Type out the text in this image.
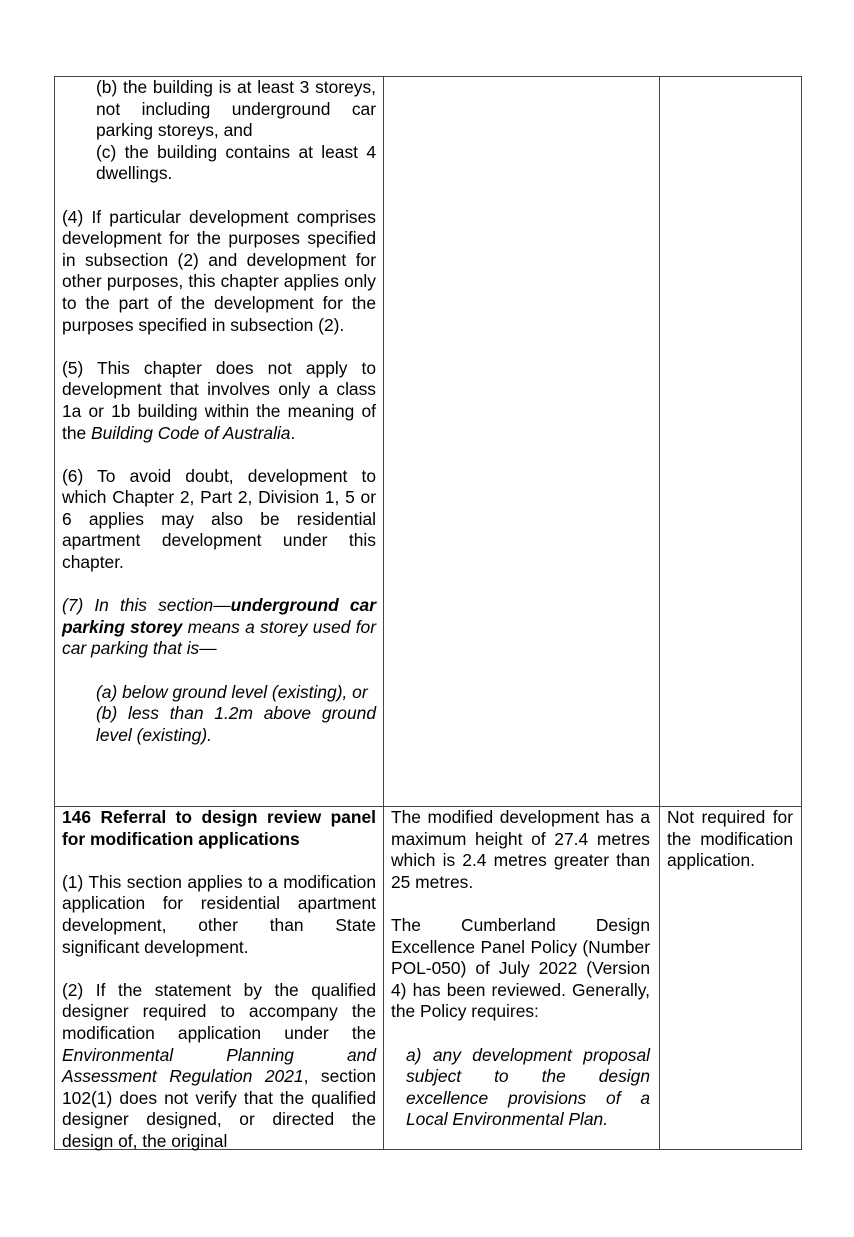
(b) the building is at least 3 storeys, not including underground car parking storeys, and

(c) the building contains at least 4 dwellings.

(4) If particular development comprises development for the purposes specified in subsection (2) and development for other purposes, this chapter applies only to the part of the development for the purposes specified in subsection (2).

(5) This chapter does not apply to development that involves only a class 1a or 1b building within the meaning of the Building Code of Australia.

(6) To avoid doubt, development to which Chapter 2, Part 2, Division 1, 5 or 6 applies may also be residential apartment development under this chapter.

(7) In this section—underground car parking storey means a storey used for car parking that is—

(a) below ground level (existing), or

(b) less than 1.2m above ground level (existing).

146 Referral to design review panel for modification applications

(1) This section applies to a modification application for residential apartment development, other than State significant development.

(2) If the statement by the qualified designer required to accompany the modification application under the Environmental Planning and Assessment Regulation 2021, section 102(1) does not verify that the qualified designer designed, or directed the design of, the original

The modified development has a maximum height of 27.4 metres which is 2.4 metres greater than 25 metres.

The Cumberland Design Excellence Panel Policy (Number POL-050) of July 2022 (Version 4) has been reviewed. Generally, the Policy requires:

a) any development proposal subject to the design excellence provisions of a Local Environmental Plan.

Not required for the modification application.
